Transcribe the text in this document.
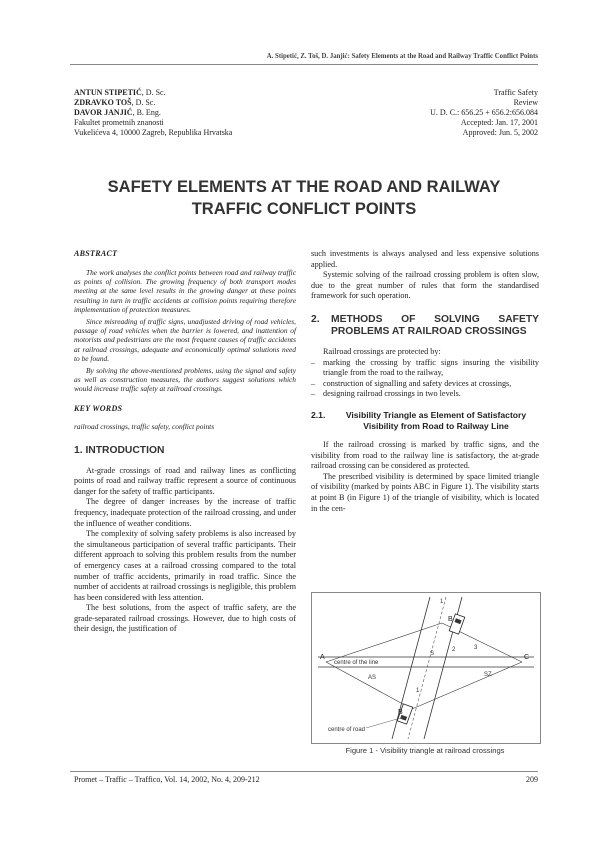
A. Stipetić, Z. Toš, D. Janjić: Safety Elements at the Road and Railway Traffic Conflict Points
ANTUN STIPETIĆ, D. Sc.
ZDRAVKO TOŠ, D. Sc.
DAVOR JANJIĆ, B. Eng.
Fakultet prometnih znanosti
Vukelićeva 4, 10000 Zagreb, Republika Hrvatska
Traffic Safety
Review
U. D. C.: 656.25 + 656.2:656.084
Accepted: Jan. 17, 2001
Approved: Jun. 5, 2002
SAFETY ELEMENTS AT THE ROAD AND RAILWAY
TRAFFIC CONFLICT POINTS
ABSTRACT

The work analyses the conflict points between road and railway traffic as points of collision. The growing frequency of both transport modes meeting at the same level results in the growing danger at these points resulting in turn in traffic accidents at collision points requiring therefore implementation of protection measures.

Since misreading of traffic signs, unadjusted driving of road vehicles, passage of road vehicles when the barrier is lowered, and inattention of motorists and pedestrians are the most frequent causes of traffic accidents at railroad crossings, adequate and economically optimal solutions need to be found.

By solving the above-mentioned problems, using the signal and safety as well as construction measures, the authors suggest solutions which would increase traffic safety at railroad crossings.

KEY WORDS
railroad crossings, traffic safety, conflict points
1. INTRODUCTION

At-grade crossings of road and railway lines as conflicting points of road and railway traffic represent a source of continuous danger for the safety of traffic participants.

The degree of danger increases by the increase of traffic frequency, inadequate protection of the railroad crossing, and under the influence of weather conditions.

The complexity of solving safety problems is also increased by the simultaneous participation of several traffic participants. Their different approach to solving this problem results from the number of emergency cases at a railroad crossing compared to the total number of traffic accidents, primarily in road traffic. Since the number of accidents at railroad crossings is negligible, this problem has been considered with less attention.

The best solutions, from the aspect of traffic safety, are the grade-separated railroad crossings. However, due to high costs of their design, the justification of

such investments is always analysed and less expensive solutions applied.

Systemic solving of the railroad crossing problem is often slow, due to the great number of rules that form the standardised framework for such operation.

2.	METHODS OF SOLVING SAFETY PROBLEMS AT RAILROAD CROSSINGS

Railroad crossings are protected by:

– marking the crossing by traffic signs insuring the visibility triangle from the road to the railway,
– construction of signalling and safety devices at crossings,
– designing railroad crossings in two levels.
2.1.	Visibility Triangle as Element of Satisfactory Visibility from Road to Railway Line

If the railroad crossing is marked by traffic signs, and the visibility from road to the railway line is satisfactory, the at-grade railroad crossing can be considered as protected.

The prescribed visibility is determined by space limited triangle of visibility (marked by points ABC in Figure 1). The visibility starts at point B (in Figure 1) of the triangle of visibility, which is located in the cen-

A	C
B
B
centre of the line
centre of road
AS
S
SZ
1
1
2	3
Figure 1 - Visibility triangle at railroad crossings
Promet – Traffic – Traffico, Vol. 14, 2002, No. 4, 209-212	209
